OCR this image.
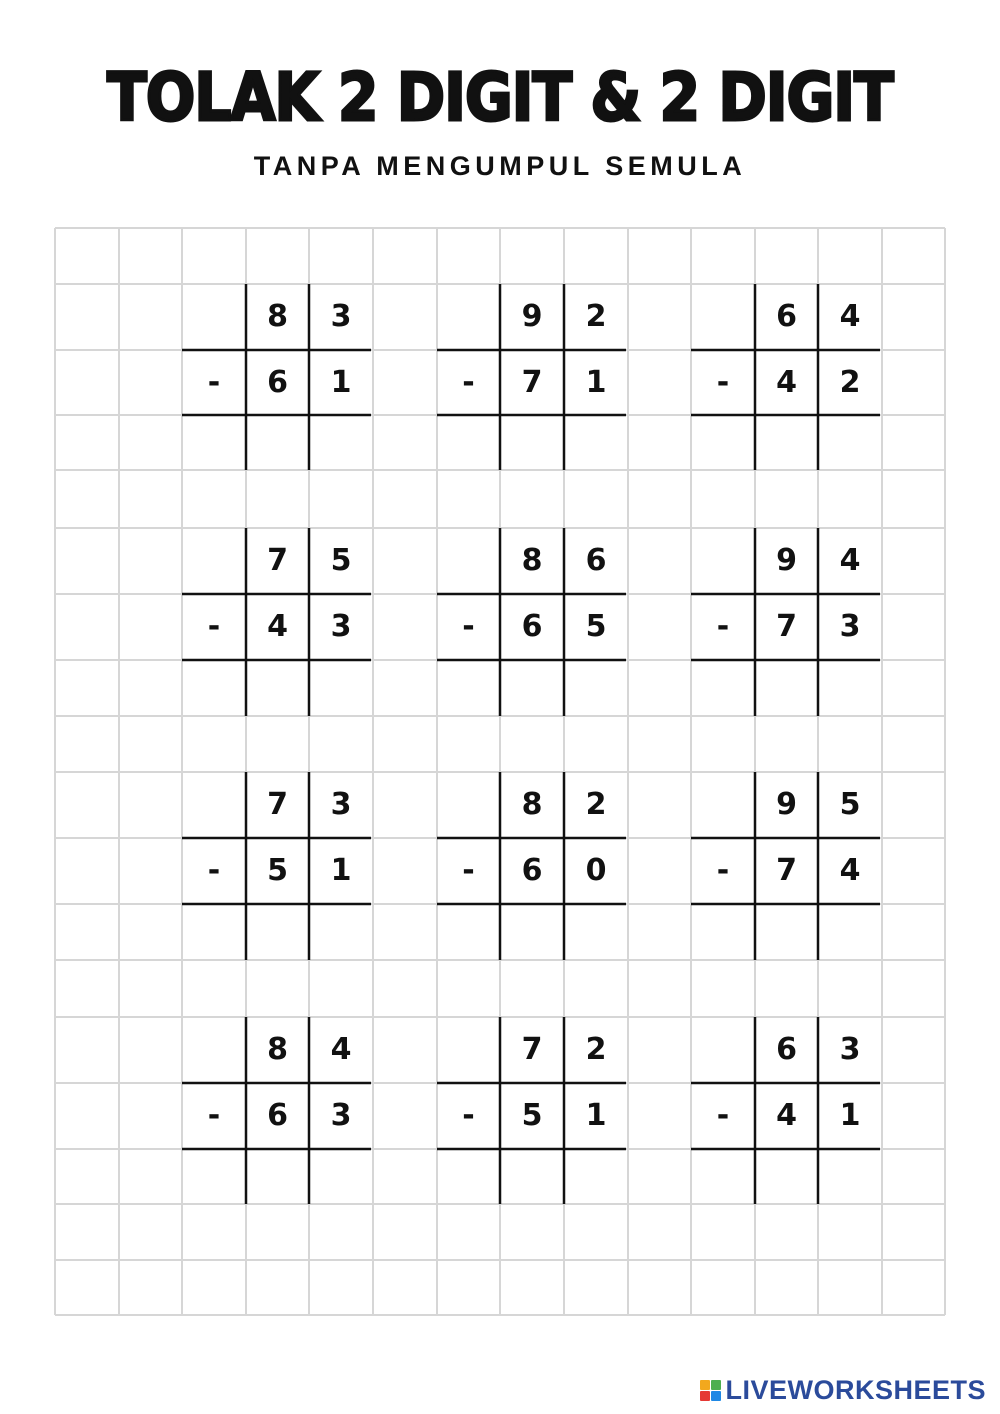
TOLAK 2 DIGIT & 2 DIGIT
TANPA MENGUMPUL SEMULA
8	3
-	6	1
9	2
-	7	1
6	4
-	4	2
7	5
-	4	3
8	6
-	6	5
9	4
-	7	3
7	3
-	5	1
8	2
-	6	0
9	5
-	7	4
8	4
-	6	3
7	2
-	5	1
6	3
-	4	1
LIVEWORKSHEETS
